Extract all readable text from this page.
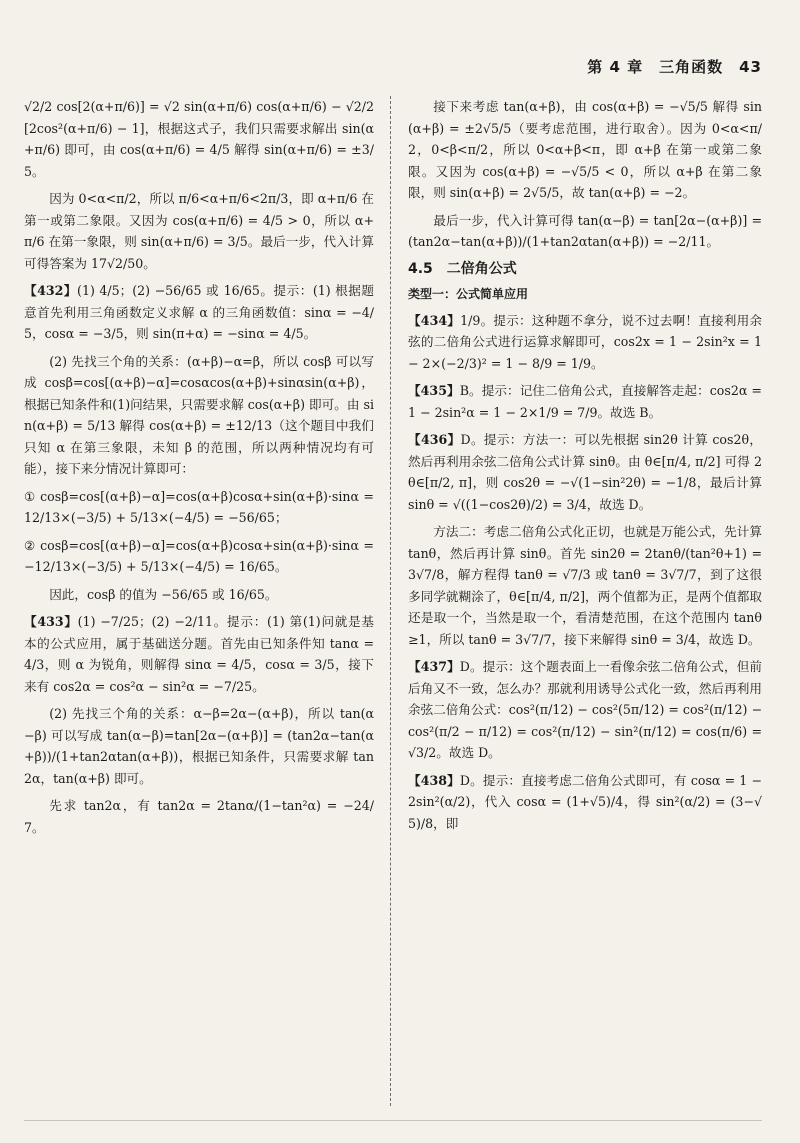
第 4 章　三角函数　43
√2/2 cos[2(α+π/6)] = √2 sin(α+π/6) cos(α+π/6) − √2/2[2cos²(α+π/6) − 1]，根据这式子，我们只需要求解出 sin(α+π/6) 即可，由 cos(α+π/6) = 4/5 解得 sin(α+π/6) = ±3/5。
因为 0<α<π/2，所以 π/6<α+π/6<2π/3，即 α+π/6 在第一或第二象限。又因为 cos(α+π/6) = 4/5 > 0，所以 α+π/6 在第一象限，则 sin(α+π/6) = 3/5。最后一步，代入计算可得答案为 17√2/50。
【432】(1) 4/5；(2) −56/65 或 16/65。提示：(1) 根据题意首先利用三角函数定义求解 α 的三角函数值：sinα = −4/5，cosα = −3/5，则 sin(π+α) = −sinα = 4/5。
(2) 先找三个角的关系：(α+β)−α=β，所以 cosβ 可以写成 cosβ=cos[(α+β)−α]=cosαcos(α+β)+sinαsin(α+β)，根据已知条件和(1)问结果，只需要求解 cos(α+β) 即可。由 sin(α+β) = 5/13 解得 cos(α+β) = ±12/13（这个题目中我们只知 α 在第三象限，未知 β 的范围，所以两种情况均有可能），接下来分情况计算即可：
① cosβ=cos[(α+β)−α]=cos(α+β)cosα+sin(α+β)·sinα = 12/13×(−3/5) + 5/13×(−4/5) = −56/65；
② cosβ=cos[(α+β)−α]=cos(α+β)cosα+sin(α+β)·sinα = −12/13×(−3/5) + 5/13×(−4/5) = 16/65。
因此，cosβ 的值为 −56/65 或 16/65。
【433】(1) −7/25；(2) −2/11。提示：(1) 第(1)问就是基本的公式应用，属于基础送分题。首先由已知条件知 tanα = 4/3，则 α 为锐角，则解得 sinα = 4/5，cosα = 3/5，接下来有 cos2α = cos²α − sin²α = −7/25。
(2) 先找三个角的关系：α−β=2α−(α+β)，所以 tan(α−β) 可以写成 tan(α−β)=tan[2α−(α+β)] = (tan2α−tan(α+β))/(1+tan2αtan(α+β))，根据已知条件，只需要求解 tan2α，tan(α+β) 即可。
先求 tan2α，有 tan2α = 2tanα/(1−tan²α) = −24/7。
接下来考虑 tan(α+β)，由 cos(α+β) = −√5/5 解得 sin(α+β) = ±2√5/5（要考虑范围，进行取舍）。因为 0<α<π/2，0<β<π/2，所以 0<α+β<π，即 α+β 在第一或第二象限。又因为 cos(α+β) = −√5/5 < 0，所以 α+β 在第二象限，则 sin(α+β) = 2√5/5，故 tan(α+β) = −2。
最后一步，代入计算可得 tan(α−β) = tan[2α−(α+β)] = (tan2α−tan(α+β))/(1+tan2αtan(α+β)) = −2/11。
4.5　二倍角公式
类型一：公式简单应用
【434】1/9。提示：这种题不拿分，说不过去啊！直接利用余弦的二倍角公式进行运算求解即可，cos2x = 1 − 2sin²x = 1 − 2×(−2/3)² = 1 − 8/9 = 1/9。
【435】B。提示：记住二倍角公式，直接解答走起：cos2α = 1 − 2sin²α = 1 − 2×1/9 = 7/9。故选 B。
【436】D。提示：方法一：可以先根据 sin2θ 计算 cos2θ，然后再利用余弦二倍角公式计算 sinθ。由 θ∈[π/4, π/2] 可得 2θ∈[π/2, π]，则 cos2θ = −√(1−sin²2θ) = −1/8，最后计算 sinθ = √((1−cos2θ)/2) = 3/4，故选 D。
方法二：考虑二倍角公式化正切，也就是万能公式，先计算 tanθ，然后再计算 sinθ。首先 sin2θ = 2tanθ/(tan²θ+1) = 3√7/8，解方程得 tanθ = √7/3 或 tanθ = 3√7/7，到了这很多同学就糊涂了，θ∈[π/4, π/2]，两个值都为正，是两个值都取还是取一个，当然是取一个，看清楚范围，在这个范围内 tanθ≥1，所以 tanθ = 3√7/7，接下来解得 sinθ = 3/4，故选 D。
【437】D。提示：这个题表面上一看像余弦二倍角公式，但前后角又不一致，怎么办？那就利用诱导公式化一致，然后再利用余弦二倍角公式：cos²(π/12) − cos²(5π/12) = cos²(π/12) − cos²(π/2 − π/12) = cos²(π/12) − sin²(π/12) = cos(π/6) = √3/2。故选 D。
【438】D。提示：直接考虑二倍角公式即可，有 cosα = 1 − 2sin²(α/2)，代入 cosα = (1+√5)/4，得 sin²(α/2) = (3−√5)/8，即
